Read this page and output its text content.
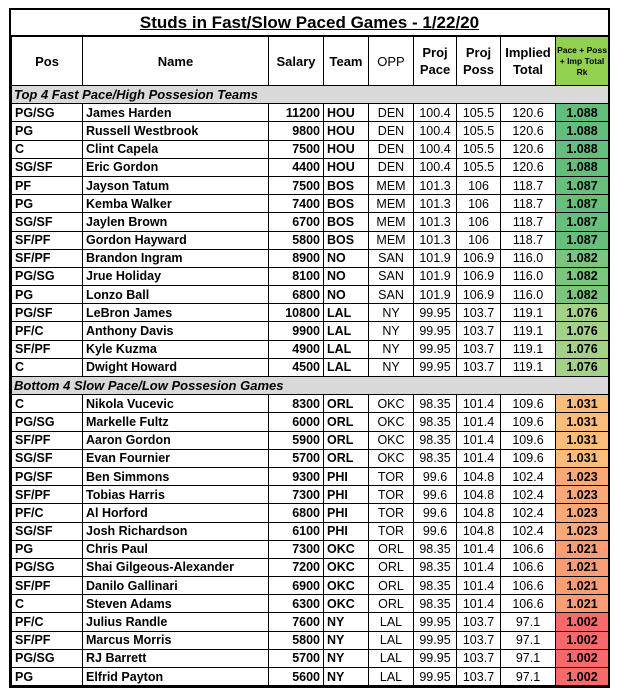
Studs in Fast/Slow Paced Games - 1/22/20
Pos	Name	Salary	Team	OPP	Proj Pace	Proj Poss	Implied Total	Pace + Poss + Imp Total Rk
Top 4 Fast Pace/High Possesion Teams								
PG/SG	James Harden	11200	HOU	DEN	100.4	105.5	120.6	1.088
PG	Russell Westbrook	9800	HOU	DEN	100.4	105.5	120.6	1.088
C	Clint Capela	7500	HOU	DEN	100.4	105.5	120.6	1.088
SG/SF	Eric Gordon	4400	HOU	DEN	100.4	105.5	120.6	1.088
PF	Jayson Tatum	7500	BOS	MEM	101.3	106	118.7	1.087
PG	Kemba Walker	7400	BOS	MEM	101.3	106	118.7	1.087
SG/SF	Jaylen Brown	6700	BOS	MEM	101.3	106	118.7	1.087
SF/PF	Gordon Hayward	5800	BOS	MEM	101.3	106	118.7	1.087
SF/PF	Brandon Ingram	8900	NO	SAN	101.9	106.9	116.0	1.082
PG/SG	Jrue Holiday	8100	NO	SAN	101.9	106.9	116.0	1.082
PG	Lonzo Ball	6800	NO	SAN	101.9	106.9	116.0	1.082
PG/SF	LeBron James	10800	LAL	NY	99.95	103.7	119.1	1.076
PF/C	Anthony Davis	9900	LAL	NY	99.95	103.7	119.1	1.076
SF/PF	Kyle Kuzma	4900	LAL	NY	99.95	103.7	119.1	1.076
C	Dwight Howard	4500	LAL	NY	99.95	103.7	119.1	1.076
Bottom 4 Slow Pace/Low Possesion Games								
C	Nikola Vucevic	8300	ORL	OKC	98.35	101.4	109.6	1.031
PG/SG	Markelle Fultz	6000	ORL	OKC	98.35	101.4	109.6	1.031
SF/PF	Aaron Gordon	5900	ORL	OKC	98.35	101.4	109.6	1.031
SG/SF	Evan Fournier	5700	ORL	OKC	98.35	101.4	109.6	1.031
PG/SF	Ben Simmons	9300	PHI	TOR	99.6	104.8	102.4	1.023
SF/PF	Tobias Harris	7300	PHI	TOR	99.6	104.8	102.4	1.023
PF/C	Al Horford	6800	PHI	TOR	99.6	104.8	102.4	1.023
SG/SF	Josh Richardson	6100	PHI	TOR	99.6	104.8	102.4	1.023
PG	Chris Paul	7300	OKC	ORL	98.35	101.4	106.6	1.021
PG/SG	Shai Gilgeous-Alexander	7200	OKC	ORL	98.35	101.4	106.6	1.021
SF/PF	Danilo Gallinari	6900	OKC	ORL	98.35	101.4	106.6	1.021
C	Steven Adams	6300	OKC	ORL	98.35	101.4	106.6	1.021
PF/C	Julius Randle	7600	NY	LAL	99.95	103.7	97.1	1.002
SF/PF	Marcus Morris	5800	NY	LAL	99.95	103.7	97.1	1.002
PG/SG	RJ Barrett	5700	NY	LAL	99.95	103.7	97.1	1.002
PG	Elfrid Payton	5600	NY	LAL	99.95	103.7	97.1	1.002
